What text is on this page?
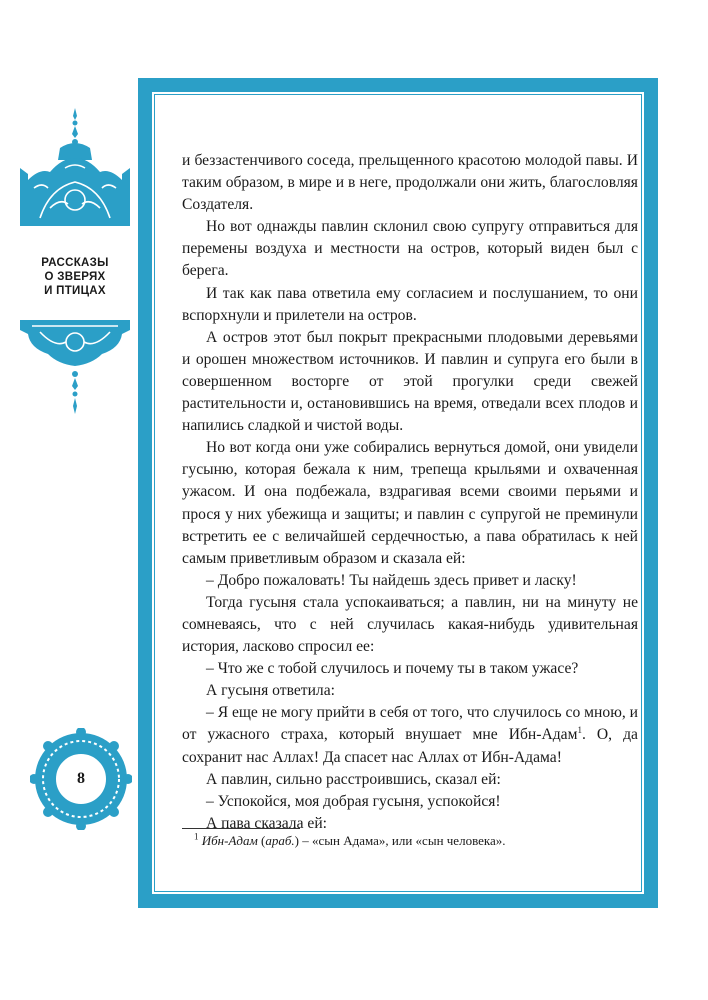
РАССКАЗЫ
О ЗВЕРЯХ
И ПТИЦАХ
8

и беззастенчивого соседа, прельщенного красотою молодой павы. И таким образом, в мире и в неге, продолжали они жить, благословляя Создателя.

Но вот однажды павлин склонил свою супругу отправиться для перемены воздуха и местности на остров, который виден был с берега.

И так как пава ответила ему согласием и послушанием, то они вспорхнули и прилетели на остров.

А остров этот был покрыт прекрасными плодовыми деревьями и орошен множеством источников. И павлин и супруга его были в совершенном восторге от этой прогулки среди свежей растительности и, остановившись на время, отведали всех плодов и напились сладкой и чистой воды.

Но вот когда они уже собирались вернуться домой, они увидели гусыню, которая бежала к ним, трепеща крыльями и охваченная ужасом. И она подбежала, вздрагивая всеми своими перьями и прося у них убежища и защиты; и павлин с супругой не преминули встретить ее с величайшей сердечностью, а пава обратилась к ней самым приветливым образом и сказала ей:

– Добро пожаловать! Ты найдешь здесь привет и ласку!

Тогда гусыня стала успокаиваться; а павлин, ни на минуту не сомневаясь, что с ней случилась какая-нибудь удивительная история, ласково спросил ее:

– Что же с тобой случилось и почему ты в таком ужасе?

А гусыня ответила:

– Я еще не могу прийти в себя от того, что случилось со мною, и от ужасного страха, который внушает мне Ибн-Адам$^1$. О, да сохранит нас Аллах! Да спасет нас Аллах от Ибн-Адама!

А павлин, сильно расстроившись, сказал ей:

– Успокойся, моя добрая гусыня, успокойся!

А пава сказала ей:

$^1$ Ибн-Адам (араб.) – «сын Адама», или «сын человека».
